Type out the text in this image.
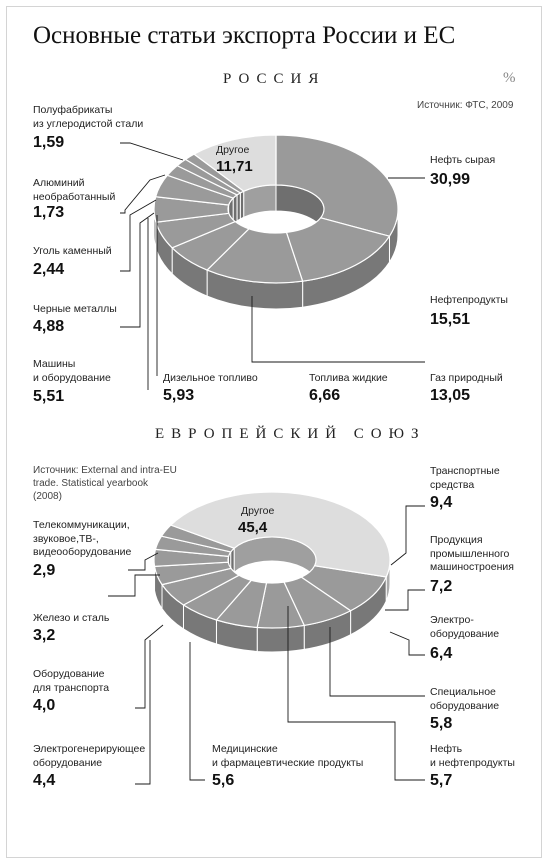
Основные статьи экспорта России и ЕС
РОССИЯ	%
Источник: ФТС, 2009
ЕВРОПЕЙСКИЙ СОЮЗ
Источник: External and intra-EU
trade. Statistical yearbook
(2008)
Нефть сырая
30,99
Нефтепродукты
15,51
Газ природный
13,05
Топлива жидкие
6,66
Дизельное топливо
5,93
Машины
и оборудование
5,51
Черные металлы
4,88
Уголь каменный
2,44
Алюминий
необработанный
1,73
Полуфабрикаты
из углеродистой стали
1,59	Другое
11,71
Транспортные
средства
9,4
Продукция
промышленного
машиностроения
7,2
Электро-
оборудование
6,4
Специальное
оборудование
5,8
Нефть
и нефтепродукты
5,7
Медицинские
и фармацевтические продукты
5,6
Электрогенерирующее
оборудование
4,4
Оборудование
для транспорта
4,0
Железо и сталь
3,2
Телекоммуникации,
звуковое,ТВ-,
видеооборудование
2,9
Другое
45,4
